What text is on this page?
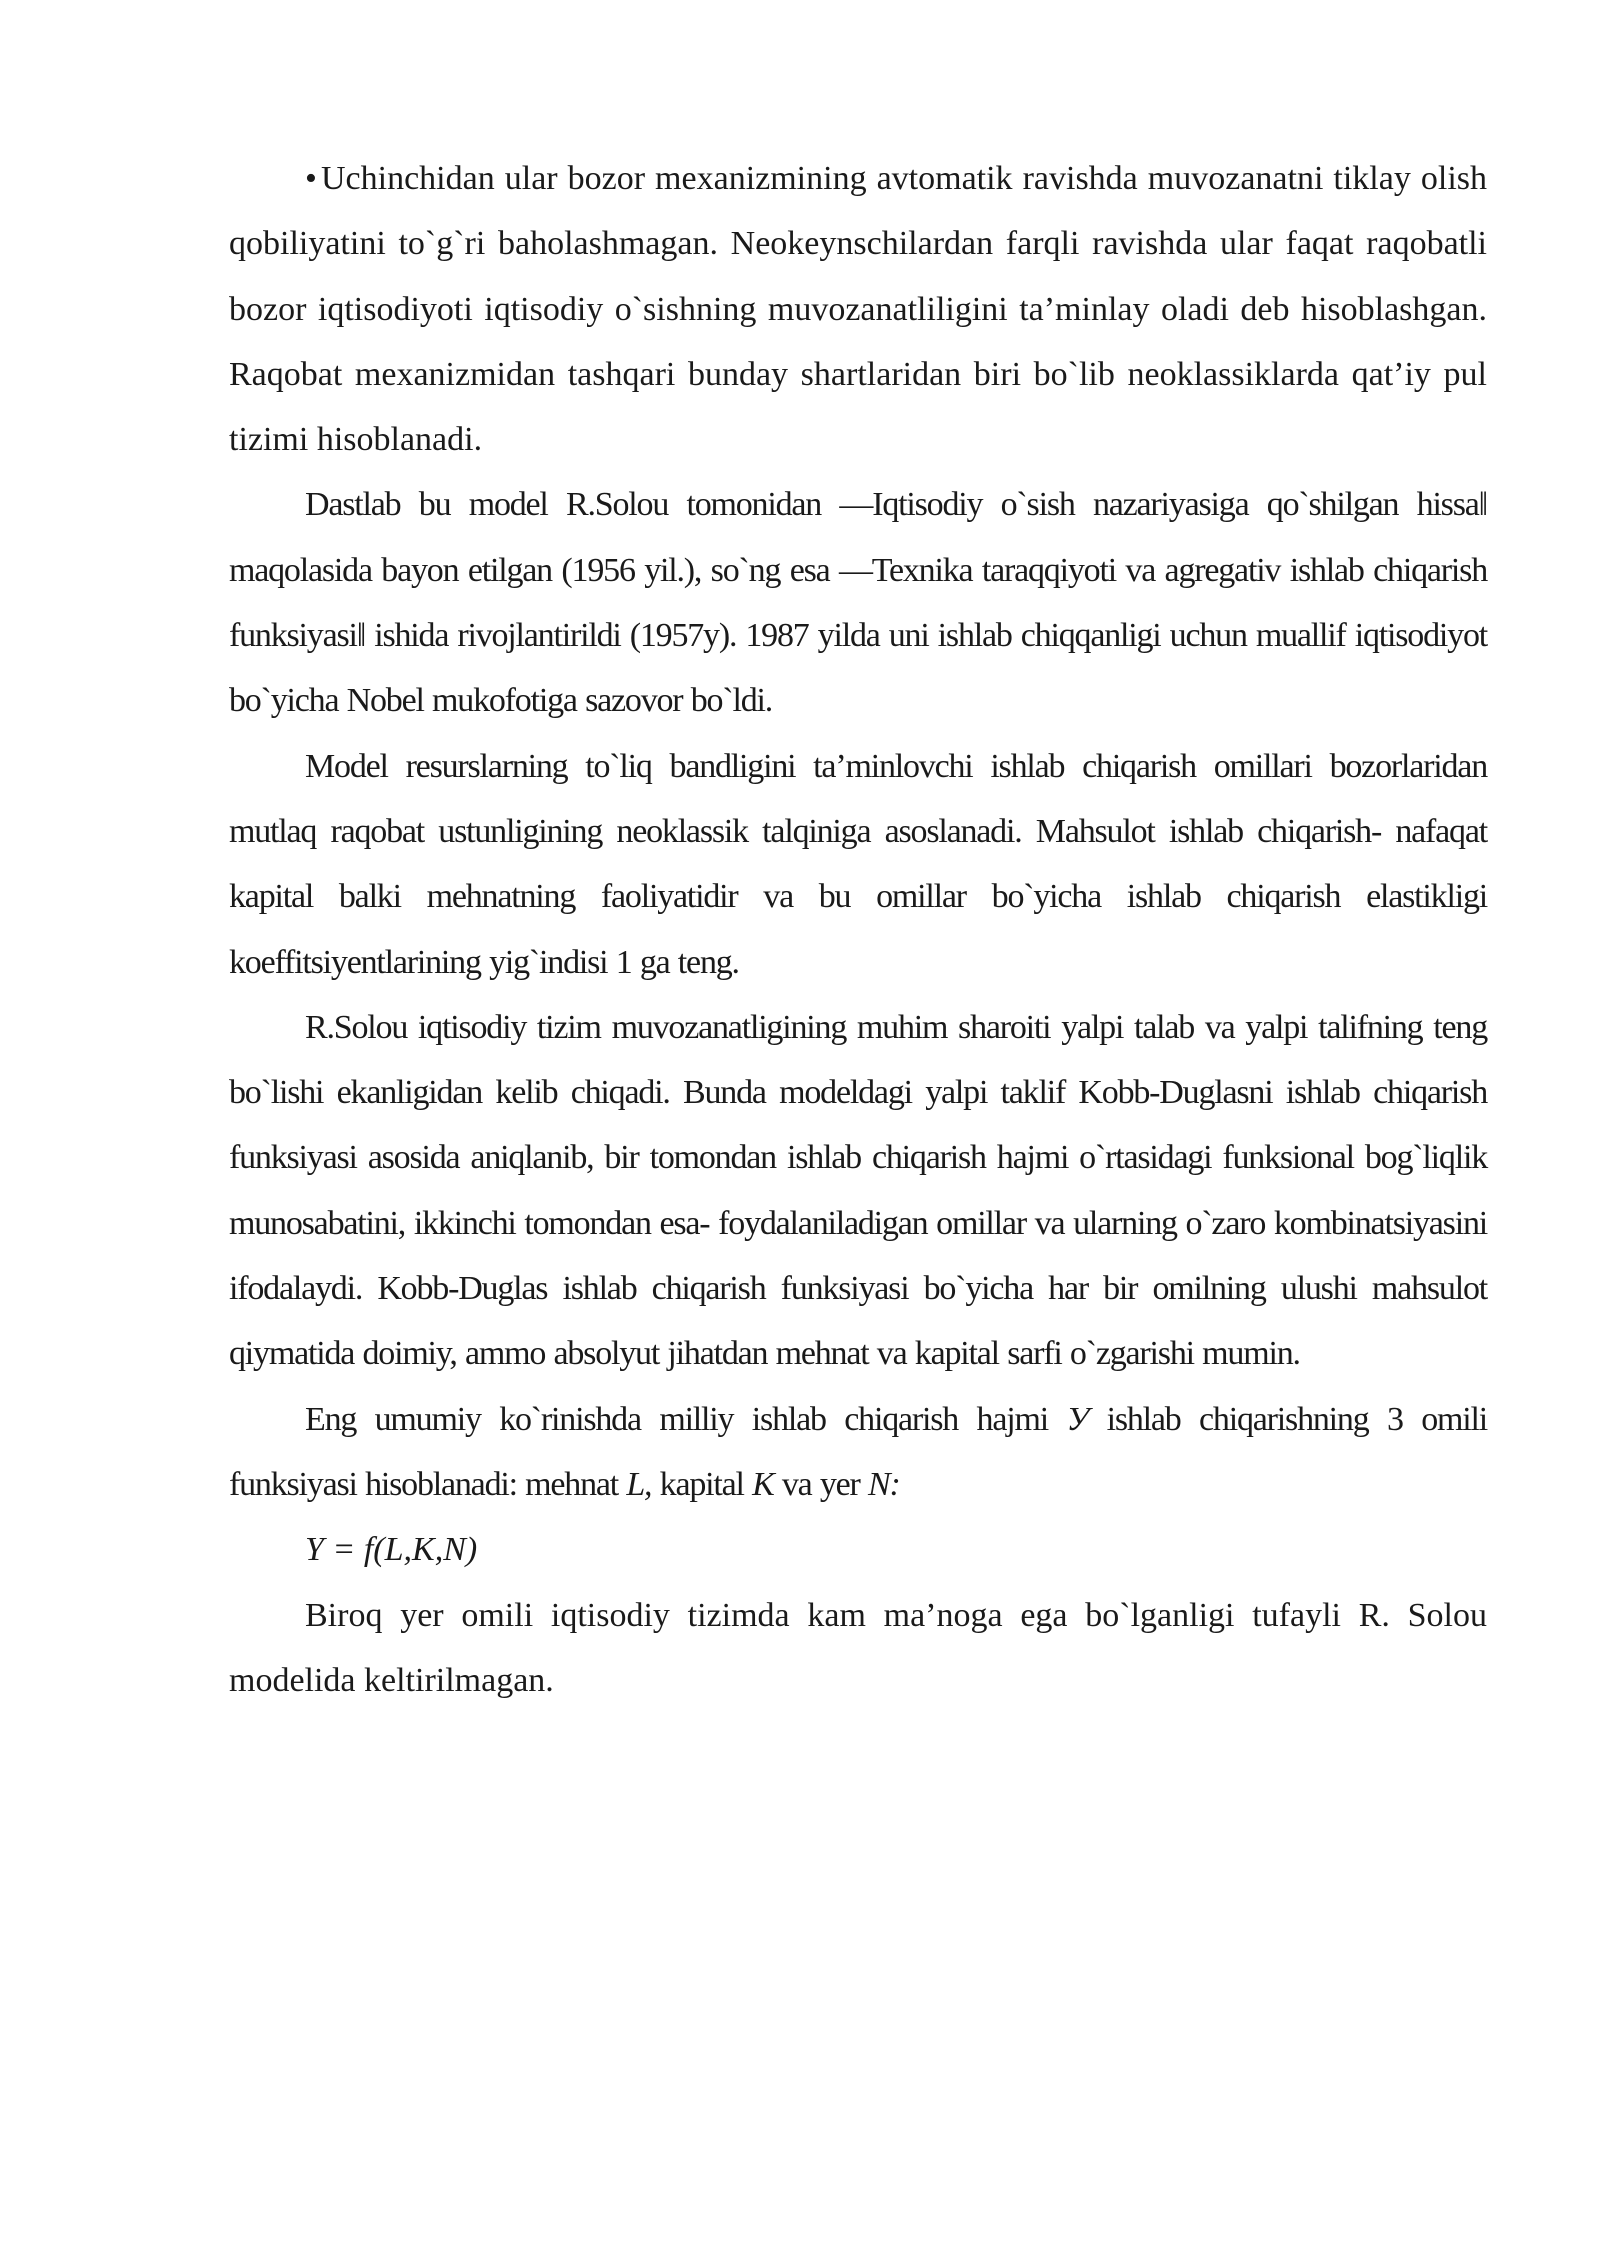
• Uchinchidan ular bozor mexanizmining avtomatik ravishda muvozanatni tiklay olish qobiliyatini to`g`ri baholashmagan. Neokeynschilardan farqli ravishda ular faqat raqobatli bozor iqtisodiyoti iqtisodiy o`sishning muvozanatliligini ta’minlay oladi deb hisoblashgan. Raqobat mexanizmidan tashqari bunday shartlaridan biri bo`lib neoklassiklarda qat’iy pul tizimi hisoblanadi.

Dastlab bu model R.Solou tomonidan ―Iqtisodiy o`sish nazariyasiga qo`shilgan hissa‖ maqolasida bayon etilgan (1956 yil.), so`ng esa ―Texnika taraqqiyoti va agregativ ishlab chiqarish funksiyasi‖ ishida rivojlantirildi (1957y). 1987 yilda uni ishlab chiqqanligi uchun muallif iqtisodiyot bo`yicha Nobel mukofotiga sazovor bo`ldi.

Model resurslarning to`liq bandligini ta’minlovchi ishlab chiqarish omillari bozorlaridan mutlaq raqobat ustunligining neoklassik talqiniga asoslanadi. Mahsulot ishlab chiqarish- nafaqat kapital balki mehnatning faoliyatidir va bu omillar bo`yicha ishlab chiqarish elastikligi koeffitsiyentlarining yig`indisi 1 ga teng.

R.Solou iqtisodiy tizim muvozanatligining muhim sharoiti yalpi talab va yalpi talifning teng bo`lishi ekanligidan kelib chiqadi. Bunda modeldagi yalpi taklif Kobb-Duglasni ishlab chiqarish funksiyasi asosida aniqlanib, bir tomondan ishlab chiqarish hajmi o`rtasidagi funksional bog`liqlik munosabatini, ikkinchi tomondan esa- foydalaniladigan omillar va ularning o`zaro kombinatsiyasini ifodalaydi. Kobb-Duglas ishlab chiqarish funksiyasi bo`yicha har bir omilning ulushi mahsulot qiymatida doimiy, ammo absolyut jihatdan mehnat va kapital sarfi o`zgarishi mumin.

Eng umumiy ko`rinishda milliy ishlab chiqarish hajmi У ishlab chiqarishning 3 omili funksiyasi hisoblanadi: mehnat L, kapital K va yer N:

Y = f(L,K,N)

Biroq yer omili iqtisodiy tizimda kam ma’noga ega bo`lganligi tufayli R. Solou modelida keltirilmagan.
